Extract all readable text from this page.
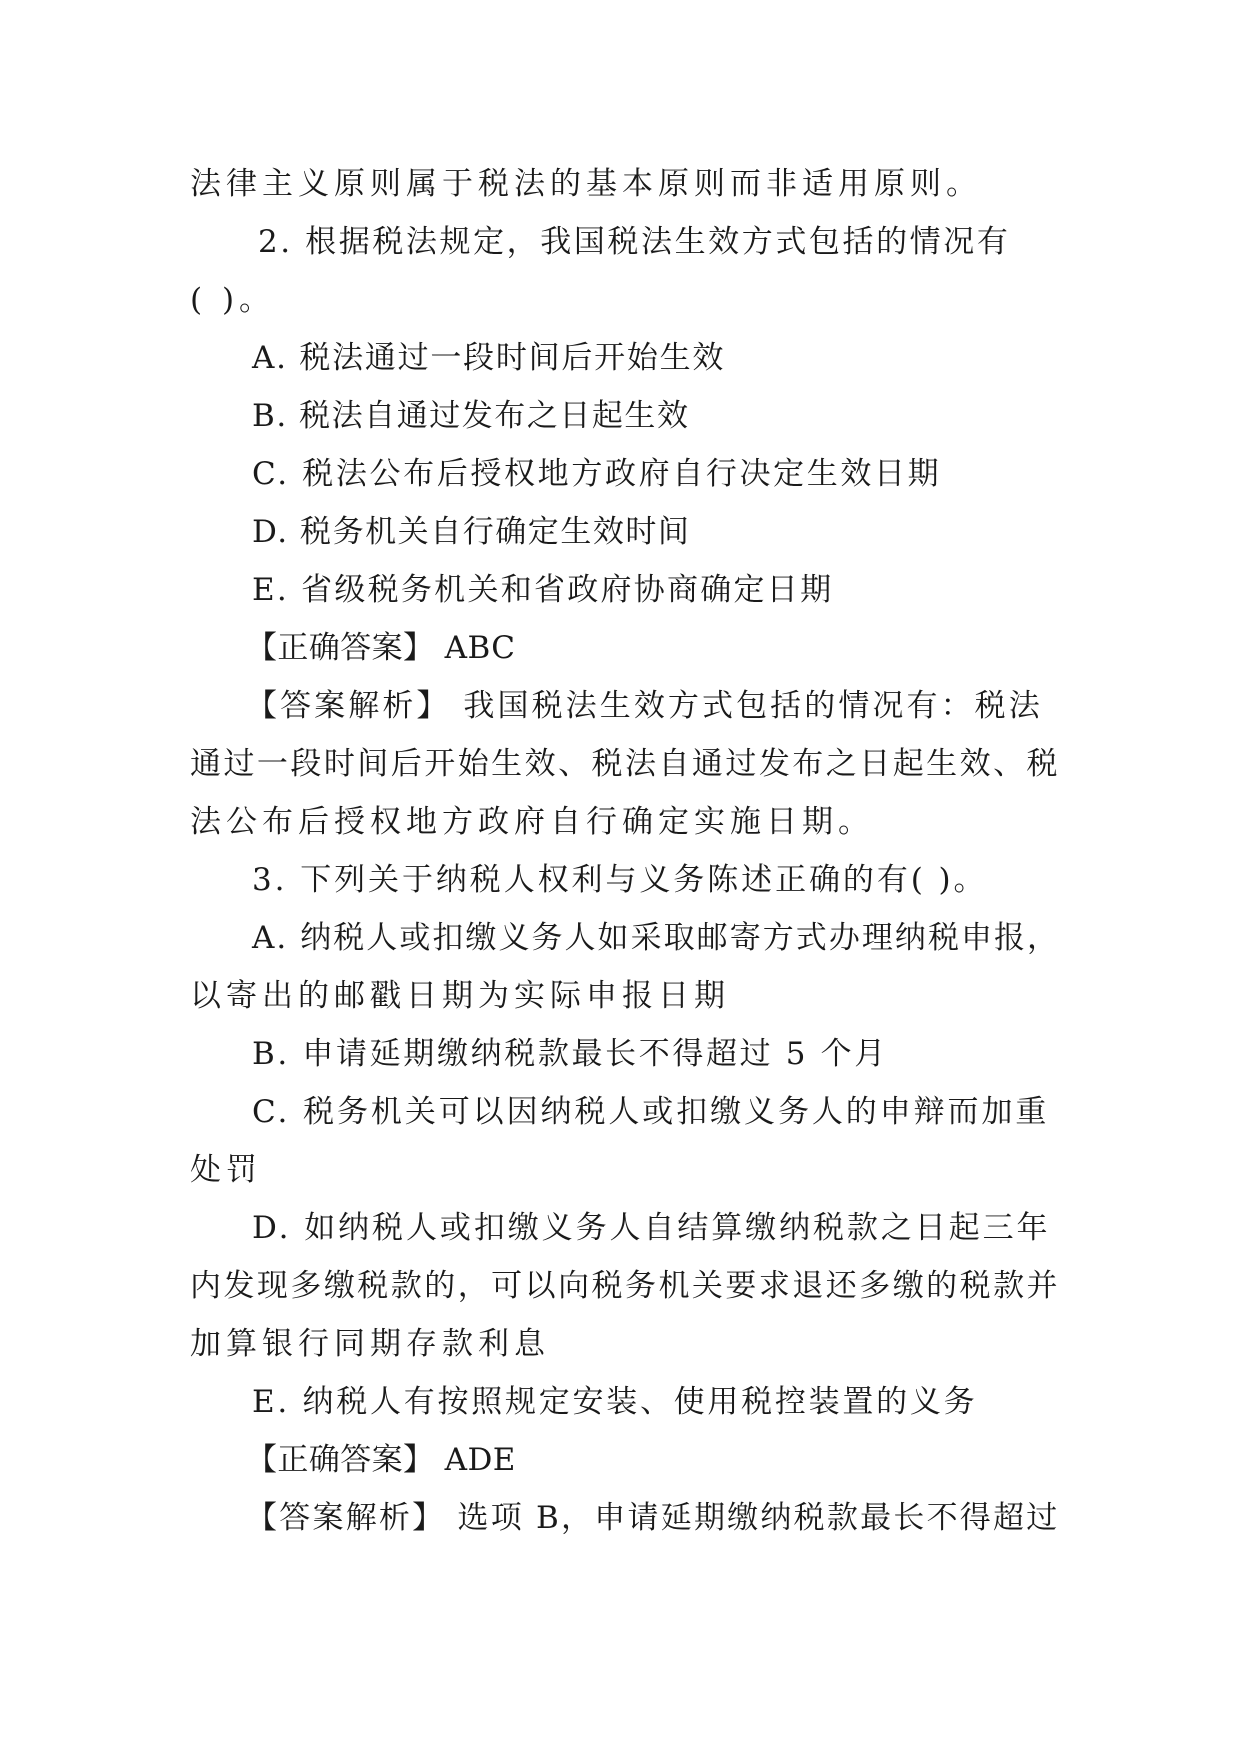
法律主义原则属于税法的基本原则而非适用原则。
2. 根据税法规定，我国税法生效方式包括的情况有
( )。
A. 税法通过一段时间后开始生效
B. 税法自通过发布之日起生效
C. 税法公布后授权地方政府自行决定生效日期
D. 税务机关自行确定生效时间
E. 省级税务机关和省政府协商确定日期
【正确答案】 ABC
【答案解析】 我国税法生效方式包括的情况有：税法
通过一段时间后开始生效、税法自通过发布之日起生效、税
法公布后授权地方政府自行确定实施日期。
3. 下列关于纳税人权利与义务陈述正确的有( )。
A. 纳税人或扣缴义务人如采取邮寄方式办理纳税申报，
以寄出的邮戳日期为实际申报日期
B. 申请延期缴纳税款最长不得超过 5 个月
C. 税务机关可以因纳税人或扣缴义务人的申辩而加重
处罚
D. 如纳税人或扣缴义务人自结算缴纳税款之日起三年
内发现多缴税款的，可以向税务机关要求退还多缴的税款并
加算银行同期存款利息
E. 纳税人有按照规定安装、使用税控装置的义务
【正确答案】 ADE
【答案解析】 选项 B，申请延期缴纳税款最长不得超过
